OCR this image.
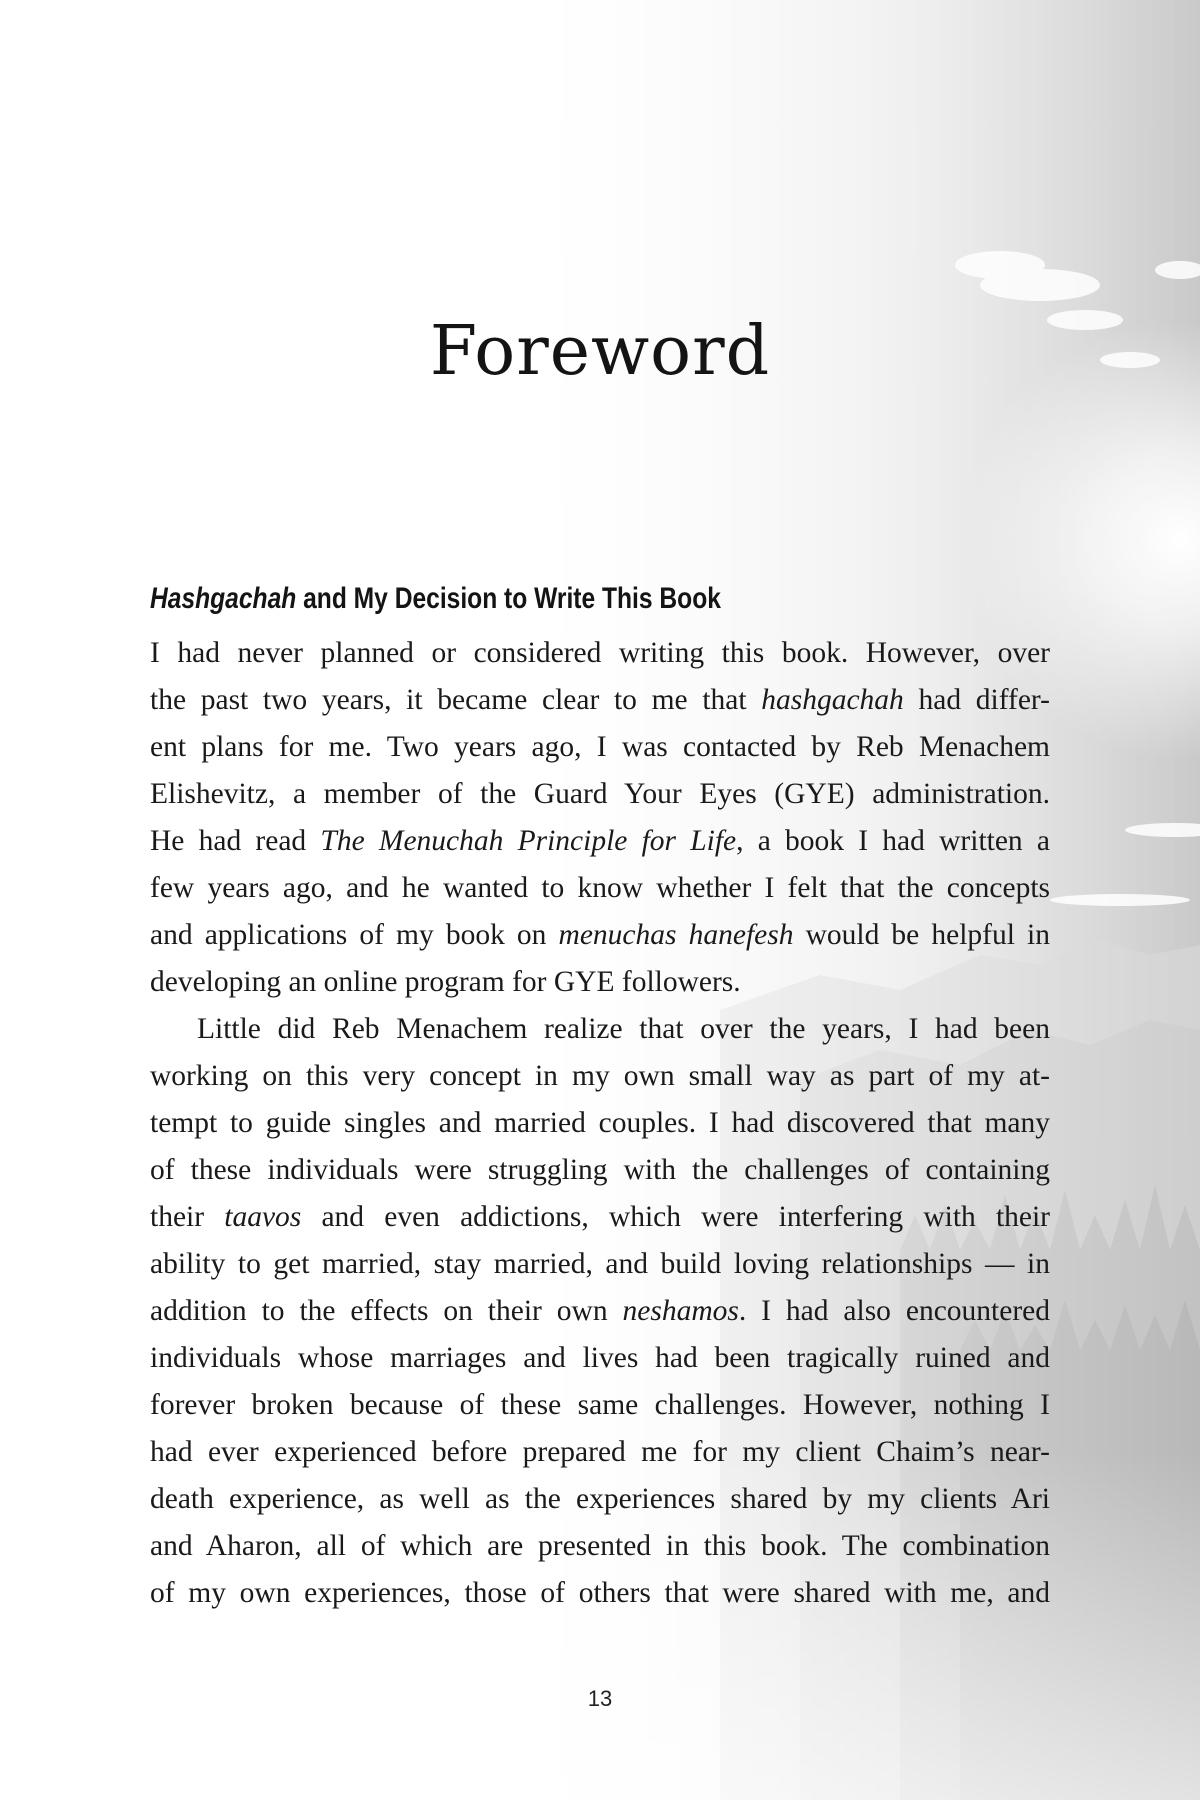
Foreword
Hashgachah and My Decision to Write This Book

I had never planned or considered writing this book. However, over
the past two years, it became clear to me that hashgachah had differ-
ent plans for me. Two years ago, I was contacted by Reb Menachem
Elishevitz, a member of the Guard Your Eyes (GYE) administration.
He had read The Menuchah Principle for Life, a book I had written a
few years ago, and he wanted to know whether I felt that the concepts
and applications of my book on menuchas hanefesh would be helpful in
developing an online program for GYE followers.

Little did Reb Menachem realize that over the years, I had been
working on this very concept in my own small way as part of my at-
tempt to guide singles and married couples. I had discovered that many
of these individuals were struggling with the challenges of containing
their taavos and even addictions, which were interfering with their
ability to get married, stay married, and build loving relationships — in
addition to the effects on their own neshamos. I had also encountered
individuals whose marriages and lives had been tragically ruined and
forever broken because of these same challenges. However, nothing I
had ever experienced before prepared me for my client Chaim’s near-
death experience, as well as the experiences shared by my clients Ari
and Aharon, all of which are presented in this book. The combination
of my own experiences, those of others that were shared with me, and

13
